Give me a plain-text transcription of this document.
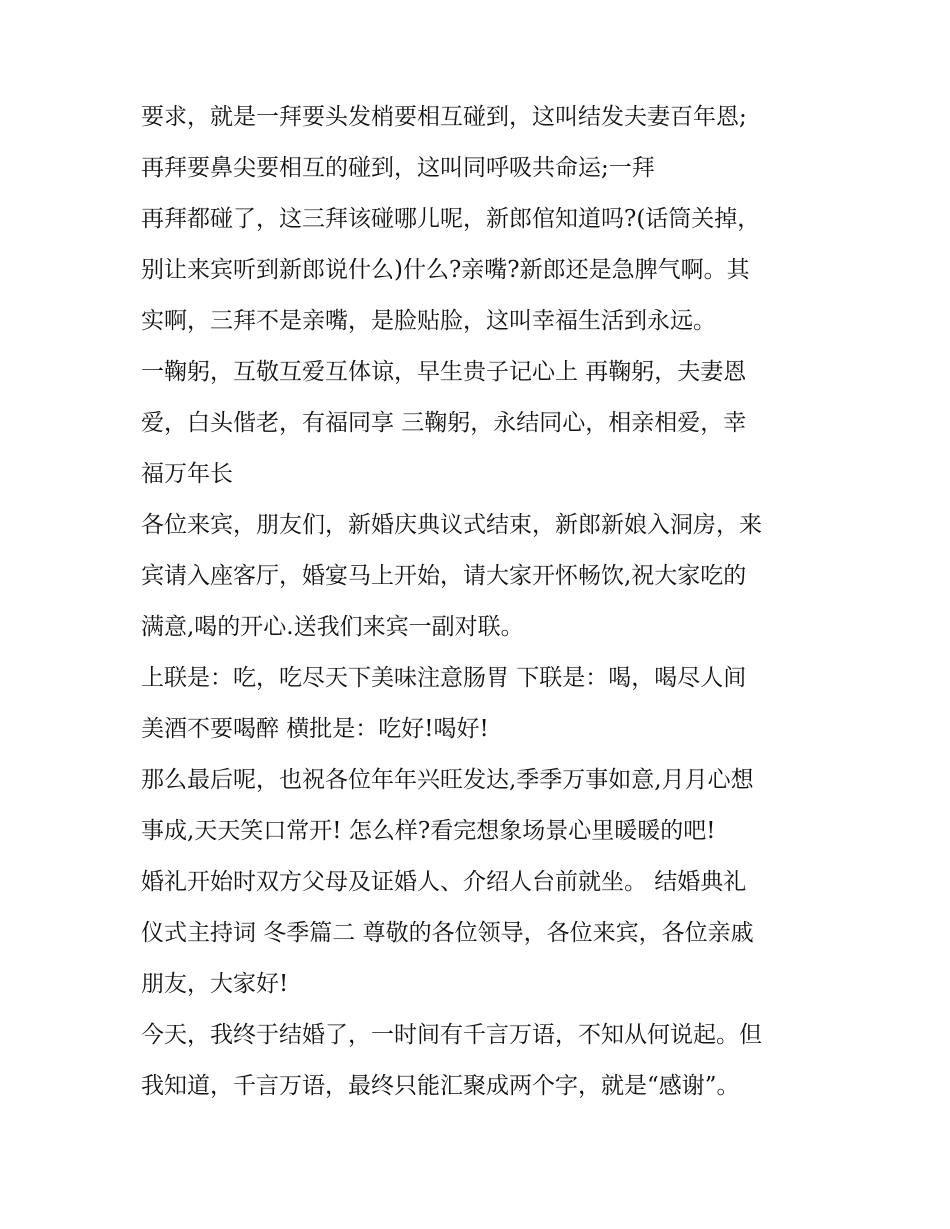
要求，就是一拜要头发梢要相互碰到，这叫结发夫妻百年恩;
再拜要鼻尖要相互的碰到，这叫同呼吸共命运;一拜
再拜都碰了，这三拜该碰哪儿呢，新郎倌知道吗?(话筒关掉，
别让来宾听到新郎说什么)什么?亲嘴?新郎还是急脾气啊。其
实啊，三拜不是亲嘴，是脸贴脸，这叫幸福生活到永远。
一鞠躬，互敬互爱互体谅，早生贵子记心上 再鞠躬，夫妻恩
爱，白头偕老，有福同享 三鞠躬，永结同心，相亲相爱，幸
福万年长
各位来宾，朋友们，新婚庆典议式结束，新郎新娘入洞房，来
宾请入座客厅，婚宴马上开始，请大家开怀畅饮,祝大家吃的
满意,喝的开心.送我们来宾一副对联。
上联是：吃，吃尽天下美味注意肠胃 下联是：喝，喝尽人间
美酒不要喝醉 横批是：吃好!喝好!
那么最后呢，也祝各位年年兴旺发达,季季万事如意,月月心想
事成,天天笑口常开! 怎么样?看完想象场景心里暖暖的吧!
婚礼开始时双方父母及证婚人、介绍人台前就坐。 结婚典礼
仪式主持词 冬季篇二 尊敬的各位领导，各位来宾，各位亲戚
朋友，大家好!
今天，我终于结婚了，一时间有千言万语，不知从何说起。但
我知道，千言万语，最终只能汇聚成两个字，就是“感谢”。
